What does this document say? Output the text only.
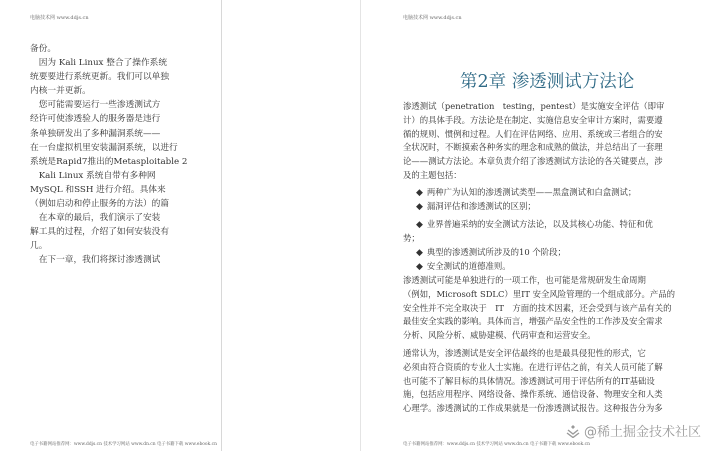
电脑技术网 www.ddjs.cn
备份。
　因为 Kali Linux 整合了操作系统
统要要进行系统更新。我们可以单独
内核一并更新。
　您可能需要运行一些渗透测试方
经许可使渗透验人的服务器是违行
条单独研发出了多种漏洞系统——
在一台虚拟机里安装漏洞系统，以进行
系统是Rapid7推出的Metasploitable 2
　Kali Linux 系统自带有多种网
MySQL 和SSH 进行介绍。具体来
（例如启动和停止服务的方法）的篇
　在本章的最后，我们演示了安装
解工具的过程，介绍了如何安装没有
几。
　在下一章，我们将探讨渗透测试
电子书籍网站推荐网：www.ddjs.cn 技术学习网站 www.dn.cn 电子书籍下载 www.ebook.cn
电脑技术网 www.ddjs.cn
第2章 渗透测试方法论
渗透测试（penetration　testing，pentest）是实施安全评估（即审
计）的具体手段。方法论是在制定、实施信息安全审计方案时，需要遵
循的规则、惯例和过程。人们在评估网络、应用、系统或三者组合的安
全状况时，不断摸索各种务实的理念和成熟的做法，并总结出了一套理
论——测试方法论。本章负责介绍了渗透测试方法论的各关键要点，涉
及的主题包括：
◆ 两种广为认知的渗透测试类型——黑盒测试和白盒测试；
◆ 漏洞评估和渗透测试的区别；
◆ 业界普遍采纳的安全测试方法论，以及其核心功能、特征和优
势；
◆ 典型的渗透测试所涉及的10 个阶段；
◆ 安全测试的道德准则。
渗透测试可能是单独进行的一项工作，也可能是常规研发生命周期
（例如，Microsoft SDLC）里IT 安全风险管理的一个组成部分。产品的
安全性并不完全取决于　IT　方面的技术因素，还会受到与该产品有关的
最佳安全实践的影响。具体而言，增强产品安全性的工作涉及安全需求
分析、风险分析、威胁建模、代码审查和运营安全。
通常认为，渗透测试是安全评估最终的也是最具侵犯性的形式，它
必须由符合资质的专业人士实施。在进行评估之前，有关人员可能了解
也可能不了解目标的具体情况。渗透测试可用于评估所有的IT基础设
施，包括应用程序、网络设备、操作系统、通信设备、物理安全和人类
心理学。渗透测试的工作成果就是一份渗透测试报告。这种报告分为多
电子书籍网站推荐网：www.ddjs.cn 技术学习网站 www.dn.cn 电子书籍下载 www.ebook.cn
@稀土掘金技术社区
